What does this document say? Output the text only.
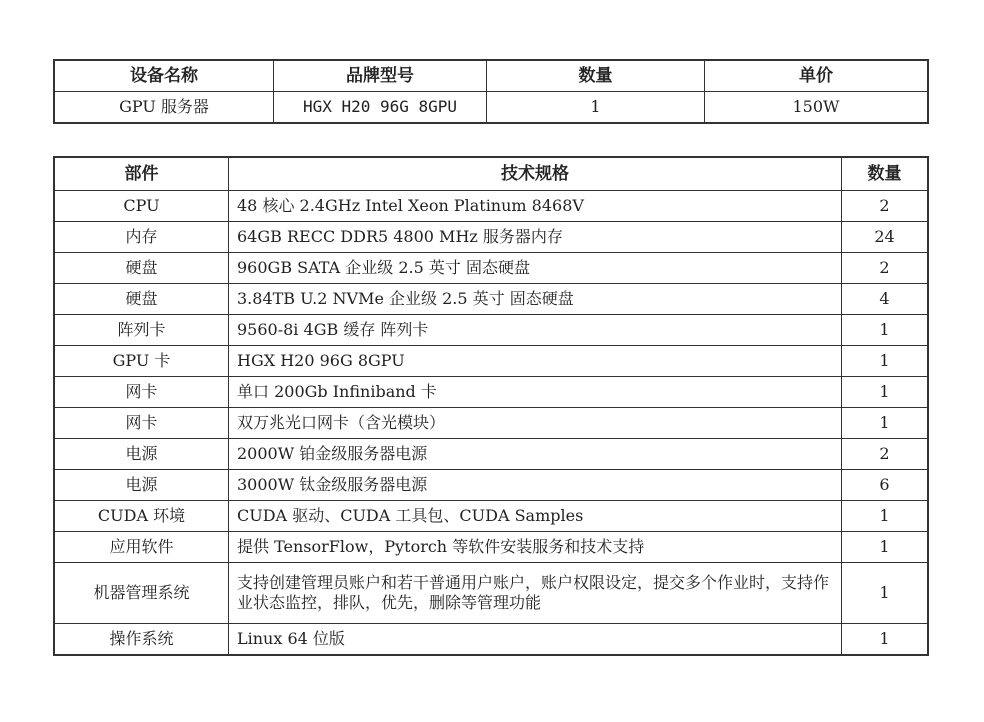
设备名称	品牌型号	数量	单价
GPU 服务器	HGX H20 96G 8GPU	1	150W
部件	技术规格	数量
CPU	48 核心 2.4GHz Intel Xeon Platinum 8468V	2
内存	64GB RECC DDR5 4800 MHz 服务器内存	24
硬盘	960GB SATA 企业级 2.5 英寸 固态硬盘	2
硬盘	3.84TB U.2 NVMe 企业级 2.5 英寸 固态硬盘	4
阵列卡	9560-8i 4GB 缓存 阵列卡	1
GPU 卡	HGX H20 96G 8GPU	1
网卡	单口 200Gb Infiniband 卡	1
网卡	双万兆光口网卡（含光模块）	1
电源	2000W 铂金级服务器电源	2
电源	3000W 钛金级服务器电源	6
CUDA 环境	CUDA 驱动、CUDA 工具包、CUDA Samples	1
应用软件	提供 TensorFlow，Pytorch 等软件安装服务和技术支持	1
机器管理系统	支持创建管理员账户和若干普通用户账户，账户权限设定，提交多个作业时，支持作业状态监控，排队，优先，删除等管理功能	1
操作系统	Linux 64 位版	1
